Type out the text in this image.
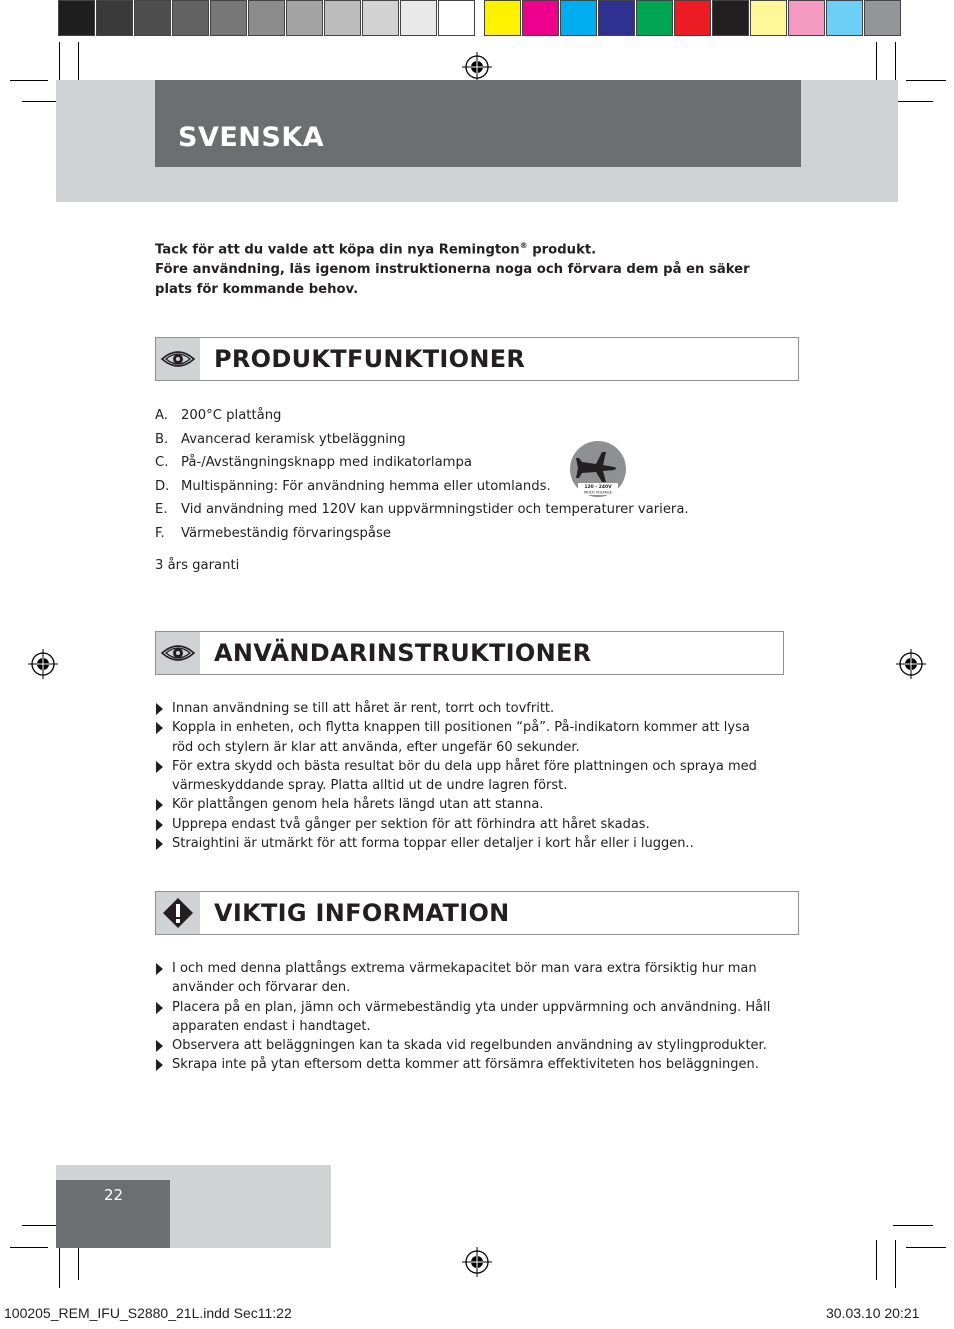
SVENSKA
Tack för att du valde att köpa din nya Remington® produkt.
Före användning, läs igenom instruktionerna noga och förvara dem på en säker
plats för kommande behov.
PRODUKTFUNKTIONER
A. 200°C plattång
B. Avancerad keramisk ytbeläggning
C. På-/Avstängningsknapp med indikatorlampa
D. Multispänning: För användning hemma eller utomlands.
E.	Vid användning med 120V kan uppvärmningstider och temperaturer variera.
F.	Värmebeständig förvaringspåse
120 - 240V
MULTI VOLTAGE
3 års garanti
ANVÄNDARINSTRUKTIONER
Innan användning se till att håret är rent, torrt och tovfritt.
Koppla in enheten, och flytta knappen till positionen “på”. På-indikatorn kommer att lysa
röd och stylern är klar att använda, efter ungefär 60 sekunder.
För extra skydd och bästa resultat bör du dela upp håret före plattningen och spraya med
värmeskyddande spray. Platta alltid ut de undre lagren först.
Kör plattången genom hela hårets längd utan att stanna.
Upprepa endast två gånger per sektion för att förhindra att håret skadas.
Straightini är utmärkt för att forma toppar eller detaljer i kort hår eller i luggen..
VIKTIG INFORMATION
I och med denna plattångs extrema värmekapacitet bör man vara extra försiktig hur man
använder och förvarar den.
Placera på en plan, jämn och värmebeständig yta under uppvärmning och användning. Håll
apparaten endast i handtaget.
Observera att beläggningen kan ta skada vid regelbunden användning av stylingprodukter.
Skrapa inte på ytan eftersom detta kommer att försämra effektiviteten hos beläggningen.
22
100205_REM_IFU_S2880_21L.indd Sec11:22	30.03.10 20:21
